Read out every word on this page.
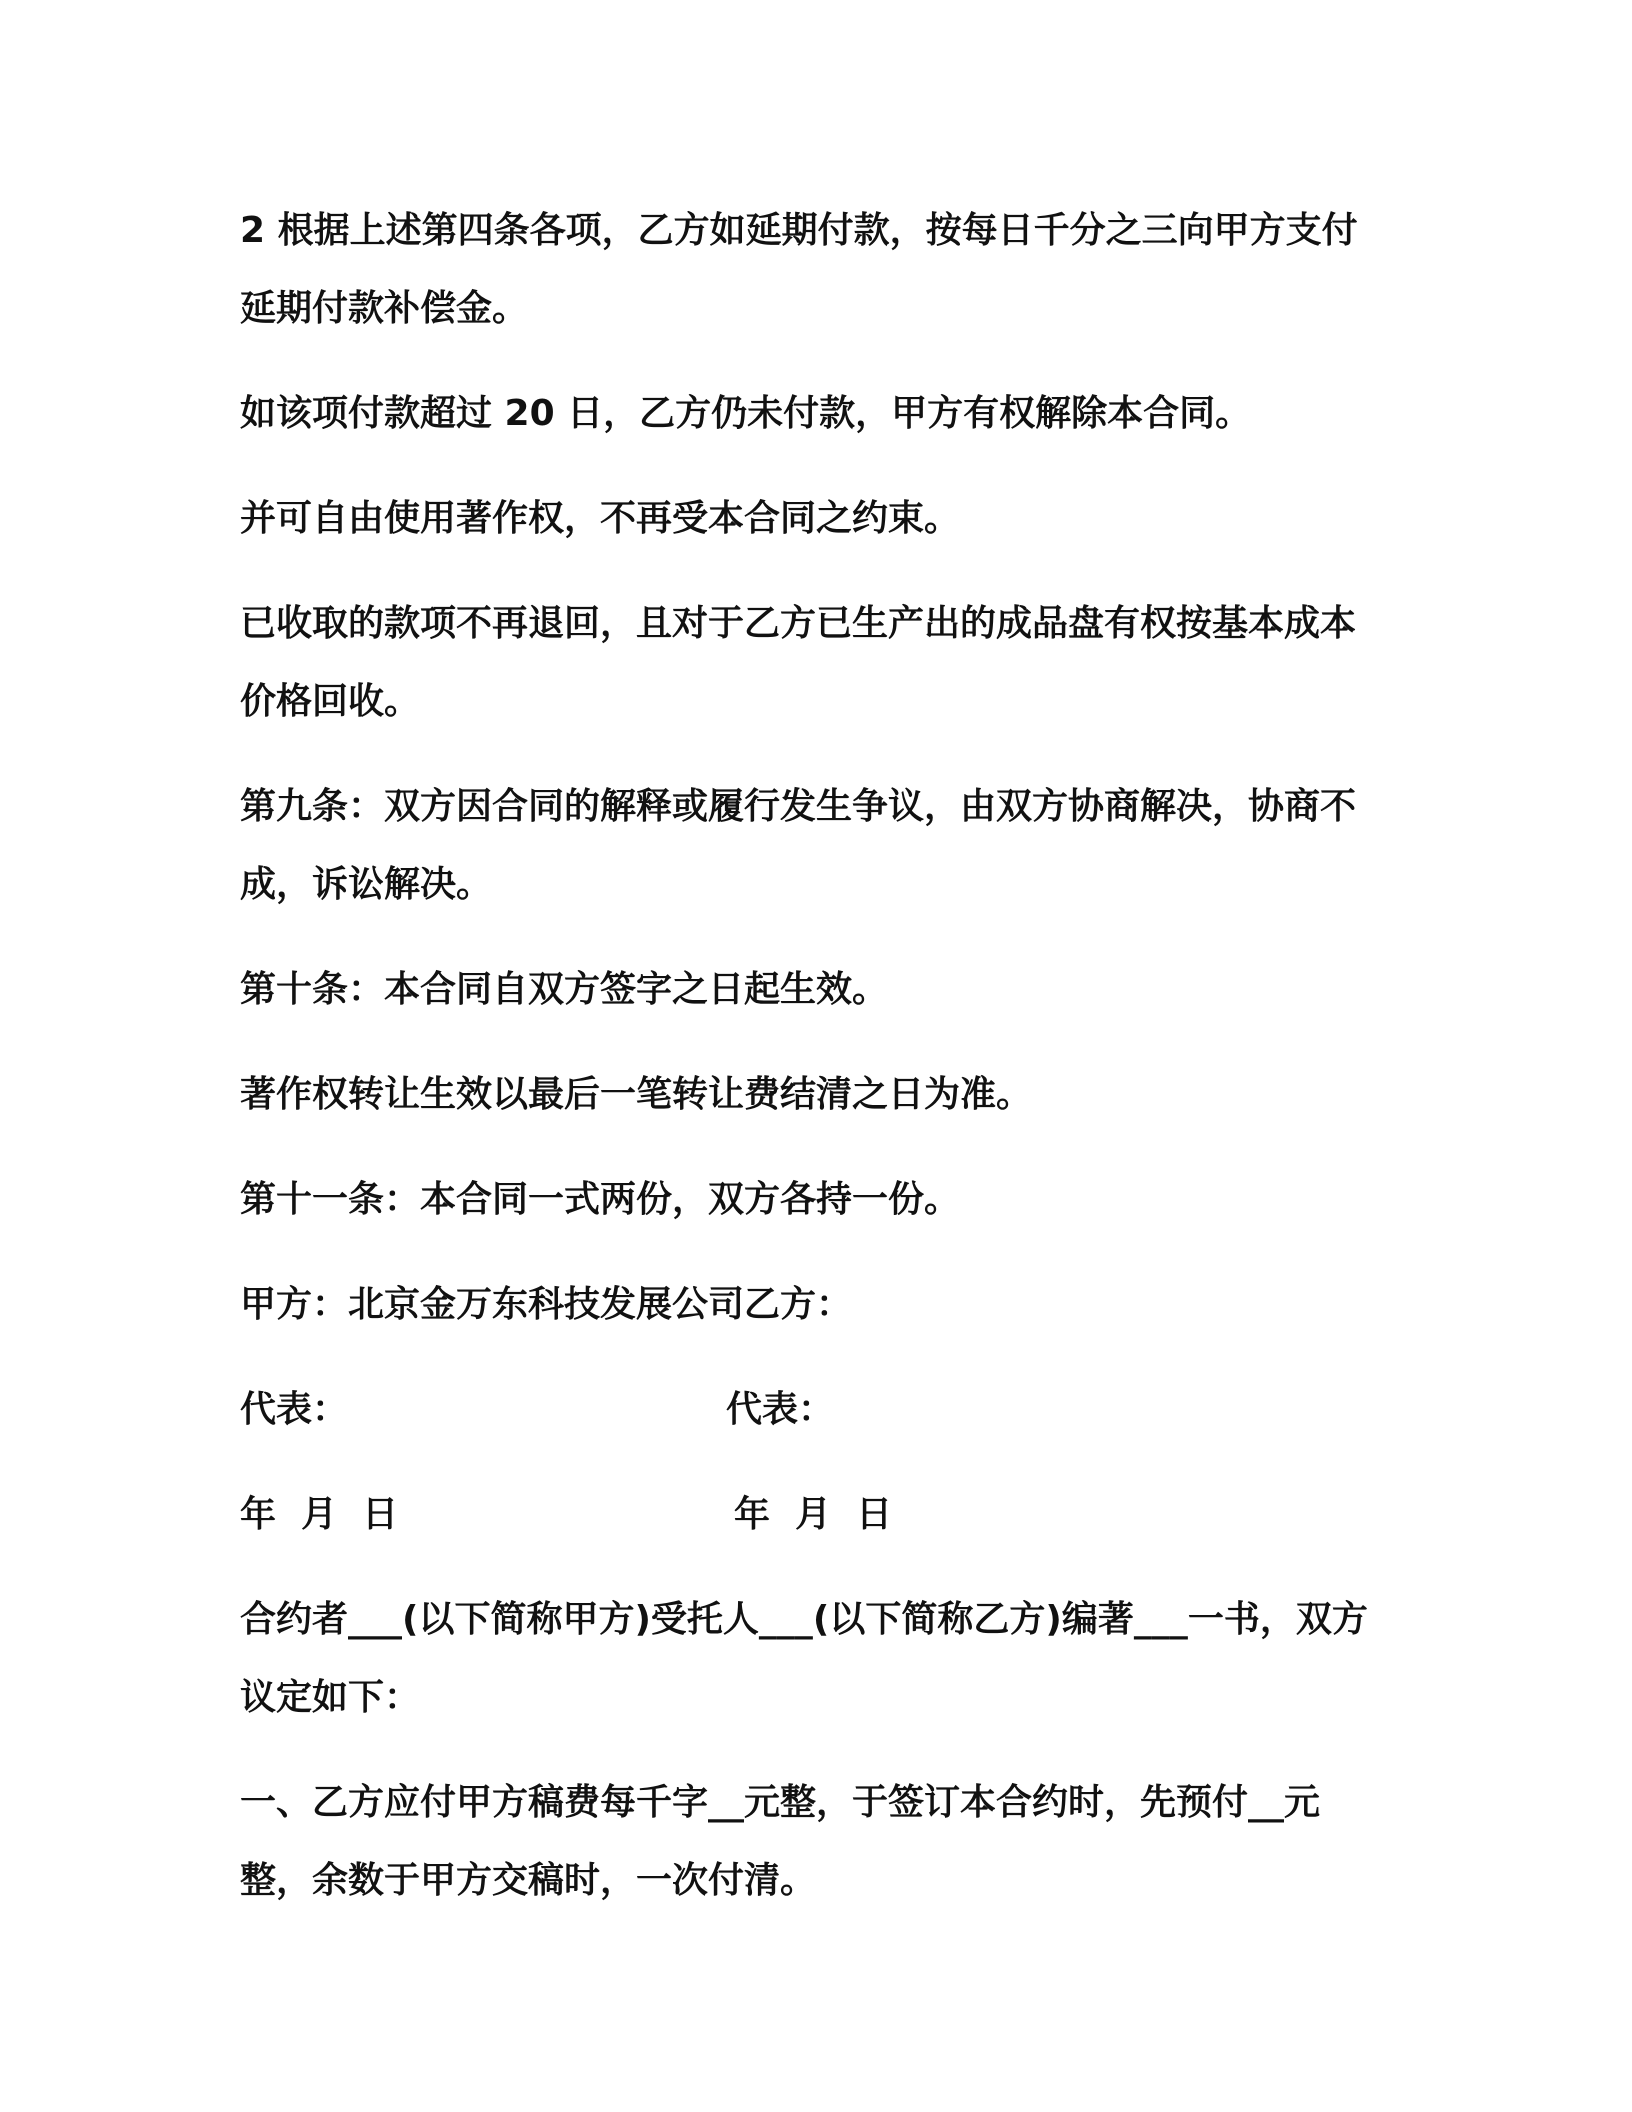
2 根据上述第四条各项，乙方如延期付款，按每日千分之三向甲方支付延期付款补偿金。

如该项付款超过 20 日，乙方仍未付款，甲方有权解除本合同。

并可自由使用著作权，不再受本合同之约束。

已收取的款项不再退回，且对于乙方已生产出的成品盘有权按基本成本价格回收。

第九条：双方因合同的解释或履行发生争议，由双方协商解决，协商不成，诉讼解决。

第十条：本合同自双方签字之日起生效。

著作权转让生效以最后一笔转让费结清之日为准。

第十一条：本合同一式两份，双方各持一份。

甲方：北京金万东科技发展公司乙方：

代表：	代表：
年  月  日	年  月  日

合约者___(以下简称甲方)受托人___(以下简称乙方)编著___一书，双方议定如下：

一、乙方应付甲方稿费每千字__元整，于签订本合约时，先预付__元整，余数于甲方交稿时，一次付清。
